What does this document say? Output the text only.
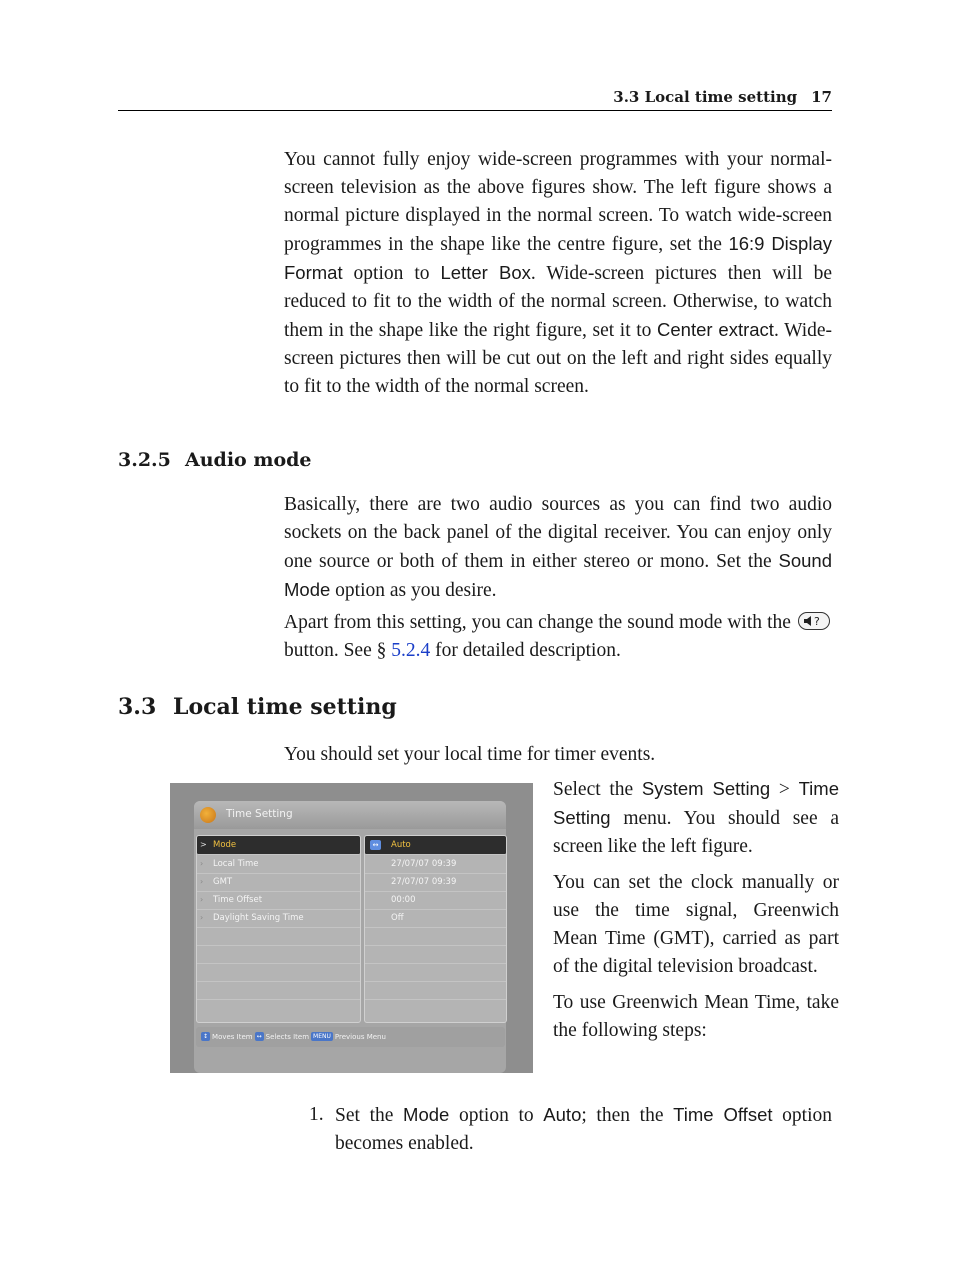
3.3 Local time setting 17

You cannot fully enjoy wide-screen programmes with your normal-screen television as the above figures show. The left figure shows a normal picture displayed in the normal screen. To watch wide-screen programmes in the shape like the centre figure, set the 16:9 Display Format option to Letter Box. Wide-screen pictures then will be reduced to fit to the width of the normal screen. Otherwise, to watch them in the shape like the right figure, set it to Center extract. Wide-screen pictures then will be cut out on the left and right sides equally to fit to the width of the normal screen.

3.2.5 Audio mode

Basically, there are two audio sources as you can find two audio sockets on the back panel of the digital receiver. You can enjoy only one source or both of them in either stereo or mono. Set the Sound Mode option as you desire.

Apart from this setting, you can change the sound mode with the ?
button. See § 5.2.4 for detailed description.

3.3 Local time setting
You should set your local time for timer events.
Time Setting
> Mode
› Local Time
› GMT
› Time Offset
› Daylight Saving Time
↔	Auto
27/07/07 09:39
27/07/07 09:39
00:00
Off
↕ Moves Item ↔ Selects Item MENU Previous Menu

Select the System Setting > Time Setting menu. You should see a screen like the left figure.

You can set the clock manually or use the time signal, Greenwich Mean Time (GMT), carried as part of the digital television broadcast.

To use Greenwich Mean Time, take the following steps:

1. Set the Mode option to Auto; then the Time Offset option becomes enabled.
